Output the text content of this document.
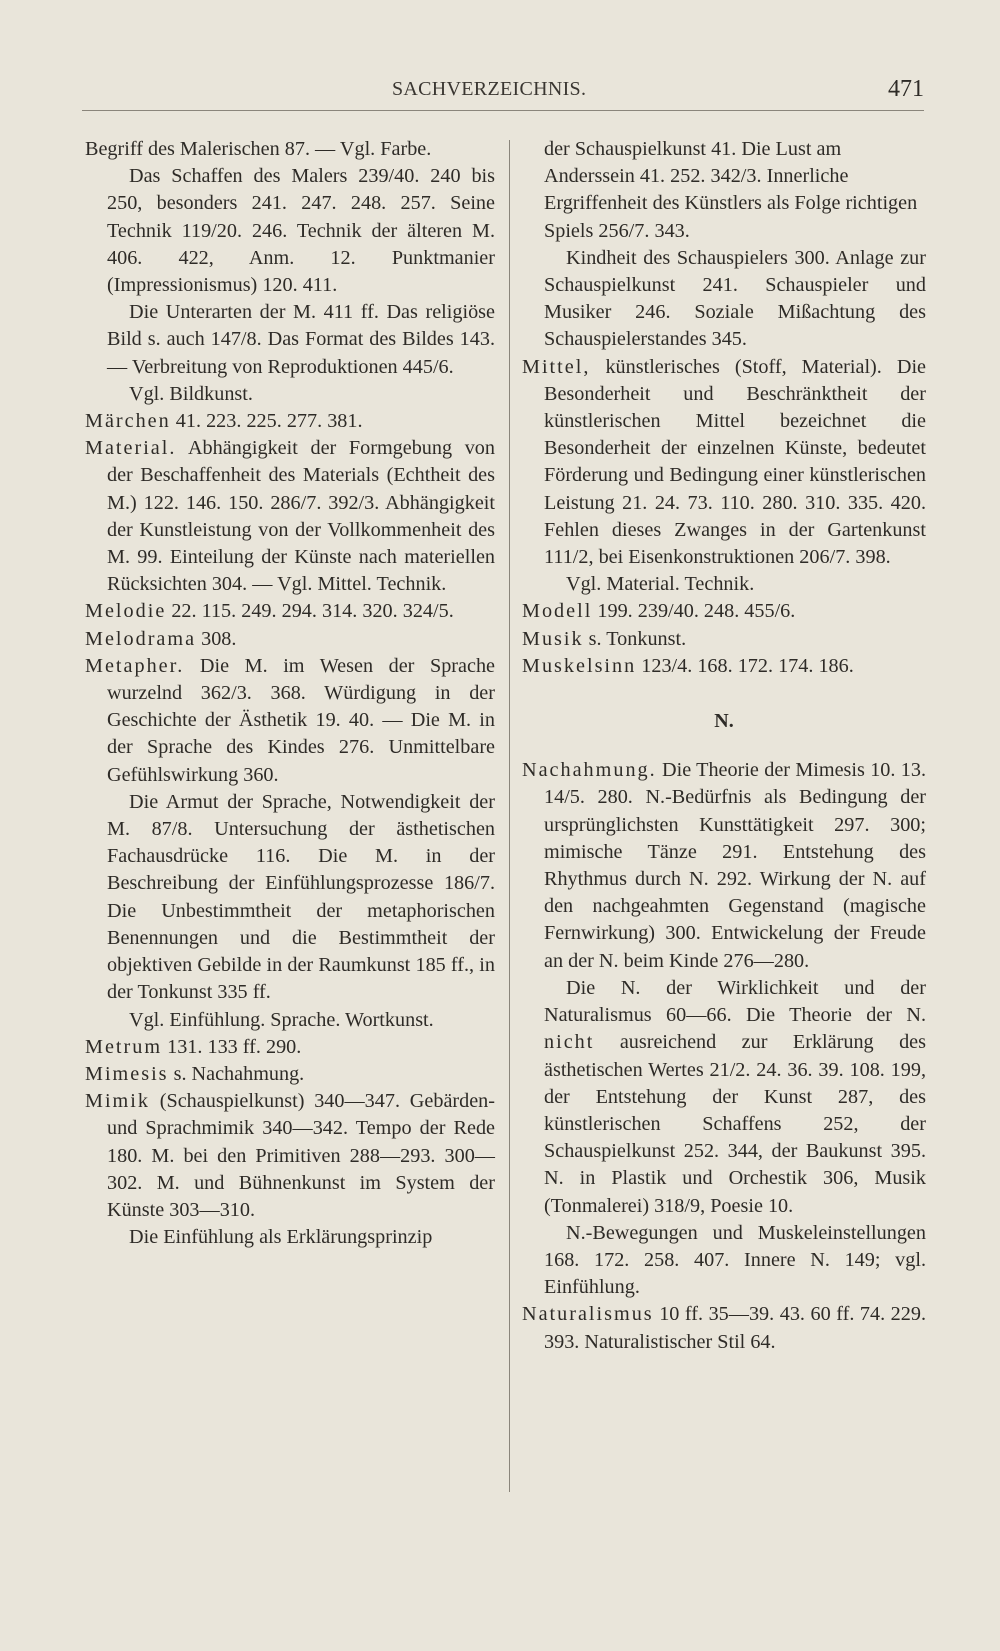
SACHVERZEICHNIS.	471

Begriff des Malerischen 87. — Vgl. Farbe.

Das Schaffen des Malers 239/40. 240 bis 250, besonders 241. 247. 248. 257. Seine Technik 119/20. 246. Technik der älteren M. 406. 422, Anm. 12. Punktmanier (Impressionismus) 120. 411.

Die Unterarten der M. 411 ff. Das religiöse Bild s. auch 147/8. Das Format des Bildes 143. — Verbreitung von Reproduktionen 445/6.

Vgl. Bildkunst.

Märchen 41. 223. 225. 277. 381.

Material. Abhängigkeit der Formgebung von der Beschaffenheit des Materials (Echtheit des M.) 122. 146. 150. 286/7. 392/3. Abhängigkeit der Kunstleistung von der Vollkommenheit des M. 99. Einteilung der Künste nach materiellen Rücksichten 304. — Vgl. Mittel. Technik.

Melodie 22. 115. 249. 294. 314. 320. 324/5.

Melodrama 308.

Metapher. Die M. im Wesen der Sprache wurzelnd 362/3. 368. Würdigung in der Geschichte der Ästhetik 19. 40. — Die M. in der Sprache des Kindes 276. Unmittelbare Gefühlswirkung 360.

Die Armut der Sprache, Notwendigkeit der M. 87/8. Untersuchung der ästhetischen Fachausdrücke 116. Die M. in der Beschreibung der Einfühlungsprozesse 186/7. Die Unbestimmtheit der metaphorischen Benennungen und die Bestimmtheit der objektiven Gebilde in der Raumkunst 185 ff., in der Tonkunst 335 ff.

Vgl. Einfühlung. Sprache. Wortkunst.

Metrum 131. 133 ff. 290.

Mimesis s. Nachahmung.

Mimik (Schauspielkunst) 340—347. Gebärden- und Sprachmimik 340—342. Tempo der Rede 180. M. bei den Primitiven 288—293. 300—302. M. und Bühnenkunst im System der Künste 303—310.

Die Einfühlung als Erklärungsprinzip

der Schauspielkunst 41. Die Lust am Anderssein 41. 252. 342/3. Innerliche Ergriffenheit des Künstlers als Folge richtigen Spiels 256/7. 343.

Kindheit des Schauspielers 300. Anlage zur Schauspielkunst 241. Schauspieler und Musiker 246. Soziale Mißachtung des Schauspielerstandes 345.

Mittel, künstlerisches (Stoff, Material). Die Besonderheit und Beschränktheit der künstlerischen Mittel bezeichnet die Besonderheit der einzelnen Künste, bedeutet Förderung und Bedingung einer künstlerischen Leistung 21. 24. 73. 110. 280. 310. 335. 420. Fehlen dieses Zwanges in der Gartenkunst 111/2, bei Eisenkonstruktionen 206/7. 398.

Vgl. Material. Technik.

Modell 199. 239/40. 248. 455/6.

Musik s. Tonkunst.

Muskelsinn 123/4. 168. 172. 174. 186.

N.

Nachahmung. Die Theorie der Mimesis 10. 13. 14/5. 280. N.-Bedürfnis als Bedingung der ursprünglichsten Kunsttätigkeit 297. 300; mimische Tänze 291. Entstehung des Rhythmus durch N. 292. Wirkung der N. auf den nachgeahmten Gegenstand (magische Fernwirkung) 300. Entwickelung der Freude an der N. beim Kinde 276—280.

Die N. der Wirklichkeit und der Naturalismus 60—66. Die Theorie der N. nicht ausreichend zur Erklärung des ästhetischen Wertes 21/2. 24. 36. 39. 108. 199, der Entstehung der Kunst 287, des künstlerischen Schaffens 252, der Schauspielkunst 252. 344, der Baukunst 395. N. in Plastik und Orchestik 306, Musik (Tonmalerei) 318/9, Poesie 10.

N.-Bewegungen und Muskeleinstellungen 168. 172. 258. 407. Innere N. 149; vgl. Einfühlung.

Naturalismus 10 ff. 35—39. 43. 60 ff. 74. 229. 393. Naturalistischer Stil 64.
